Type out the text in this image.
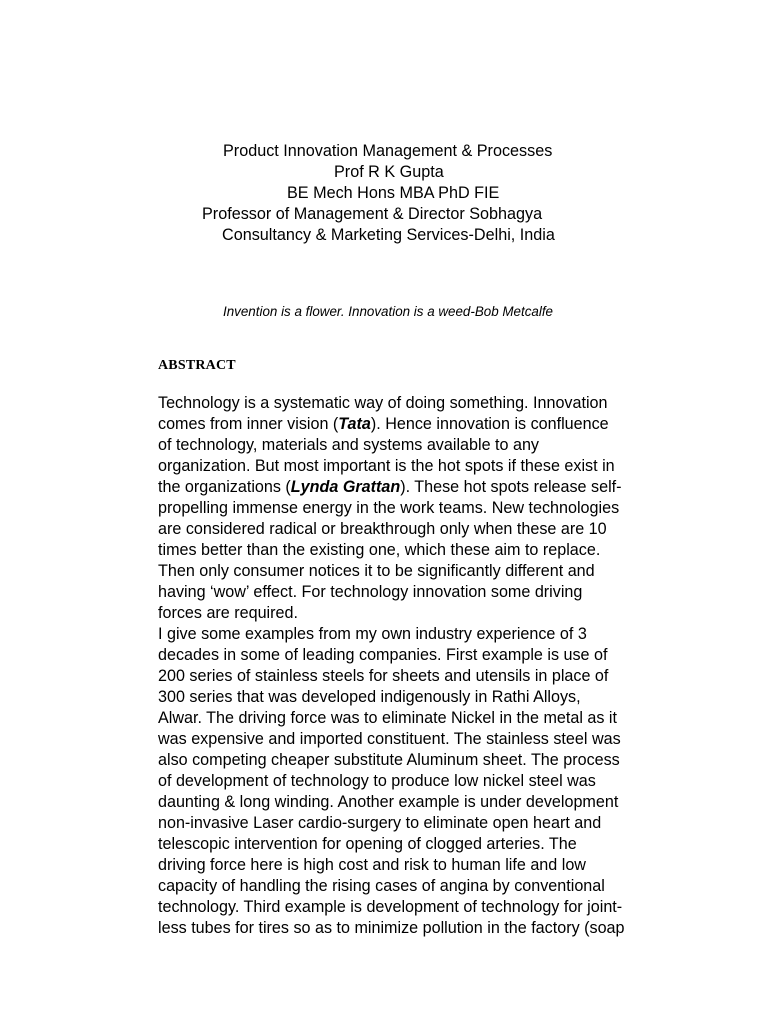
Product Innovation Management & Processes
Prof R K Gupta
BE Mech Hons MBA PhD FIE
Professor of Management & Director Sobhagya
Consultancy & Marketing Services-Delhi, India
Invention is a flower. Innovation is a weed-Bob Metcalfe
ABSTRACT
Technology is a systematic way of doing something. Innovation
comes from inner vision (Tata). Hence innovation is confluence
of technology, materials and systems available to any
organization. But most important is the hot spots if these exist in
the organizations (Lynda Grattan). These hot spots release self-
propelling immense energy in the work teams. New technologies
are considered radical or breakthrough only when these are 10
times better than the existing one, which these aim to replace.
Then only consumer notices it to be significantly different and
having ‘wow’ effect. For technology innovation some driving
forces are required.
I give some examples from my own industry experience of 3
decades in some of leading companies. First example is use of
200 series of stainless steels for sheets and utensils in place of
300 series that was developed indigenously in Rathi Alloys,
Alwar. The driving force was to eliminate Nickel in the metal as it
was expensive and imported constituent. The stainless steel was
also competing cheaper substitute Aluminum sheet. The process
of development of technology to produce low nickel steel was
daunting & long winding. Another example is under development
non-invasive Laser cardio-surgery to eliminate open heart and
telescopic intervention for opening of clogged arteries. The
driving force here is high cost and risk to human life and low
capacity of handling the rising cases of angina by conventional
technology. Third example is development of technology for joint-
less tubes for tires so as to minimize pollution in the factory (soap
